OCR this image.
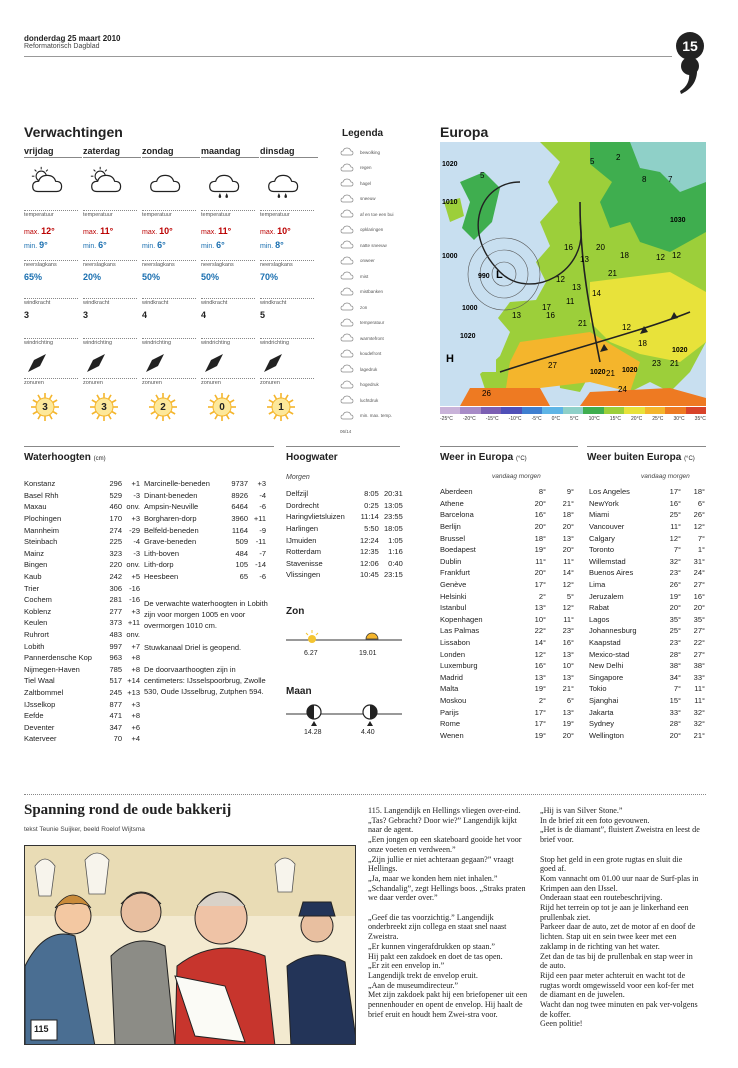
donderdag 25 maart 2010
Reformatorisch Dagblad	15
Verwachtingen
vrijdag
temperatuur
max. 12°
min. 9°
neerslagkans
65%
windkracht
3
windrichting
zonuren
3
zaterdag
temperatuur
max. 11°
min. 6°
neerslagkans
20%
windkracht
3
windrichting
zonuren
3
zondag
temperatuur
max. 10°
min. 6°
neerslagkans
50%
windkracht
4
windrichting
zonuren
2
maandag
temperatuur
max. 11°
min. 6°
neerslagkans
50%
windkracht
4
windrichting
zonuren
0
dinsdag
temperatuur
max. 10°
min. 8°
neerslagkans
70%
windkracht
5
windrichting
zonuren
1
Legenda
bewolking
regen
hagel
sneeuw
af en toe een bui
opklaringen
natte sneeuw
onweer
mist
mistbanken
zon
temperatuur
warmtefront
koudefront
lagedruk
hogedruk
luchtdruk
min. max. temp.
06/14
Europa
L
H
1020
1010
1000
990
1000
1020
1020
1020
1030
1020
5
2
5
8	7
20
21
13	12
16
18	12
12
13
14
11
16
21
13
17
12
18
27
26
21
23
21
24
-25°C -20°C -15°C -10°C -5°C 0°C 5°C 10°C 15°C 20°C 25°C 30°C 35°C
Waterhoogten (cm)
Konstanz	296	+1
Basel Rhh	529	-3
Maxau	460	onv.
Plochingen	170	+3
Mannheim	274	-29
Steinbach	225	-4
Mainz	323	-3
Bingen	220	onv.
Kaub	242	+5
Trier	306	-16
Cochem	281	-16
Koblenz	277	+3
Keulen	373	+11
Ruhrort	483	onv.
Lobith	997	+7
Pannerdensche Kop	963	+8
Nijmegen-Haven	785	+8
Tiel Waal	517	+14
Zaltbommel	245	+13
IJsselkop	877	+3
Eefde	471	+8
Deventer	347	+6
Katerveer	70	+4
Marcinelle-beneden	9737	+3
Dinant-beneden	8926	-4
Ampsin-Neuville	6464	-6
Borgharen-dorp	3960	+11
Belfeld-beneden	1164	-9
Grave-beneden	509	-11
Lith-boven	484	-7
Lith-dorp	105	-14
Heesbeen	65	-6

De verwachte waterhoogten in Lobith zijn voor morgen 1005 en voor overmorgen 1010 cm.

Stuwkanaal Driel is geopend.

De doorvaarthoogten zijn in centimeters: IJsselspoorbrug, Zwolle 530, Oude IJsselbrug, Zutphen 594.

Hoogwater
Morgen
Delfzijl	8:05	20:31
Dordrecht	0:25	13:05
Haringvlietsluizen	11:14	23:55
Harlingen	5:50	18:05
IJmuiden	12:24	1:05
Rotterdam	12:35	1:16
Stavenisse	12:06	0:40
Vlissingen	10:45	23:15
Zon
6.27	19.01
Maan
14.28	4.40
Weer in Europa (°C)
vandaag morgen
Aberdeen	8°	9°
Athene	20°	21°
Barcelona	16°	18°
Berlijn	20°	20°
Brussel	18°	13°
Boedapest	19°	20°
Dublin	11°	11°
Frankfurt	20°	14°
Genève	17°	12°
Helsinki	2°	5°
Istanbul	13°	12°
Kopenhagen	10°	11°
Las Palmas	22°	23°
Lissabon	14°	16°
Londen	12°	13°
Luxemburg	16°	10°
Madrid	13°	13°
Malta	19°	21°
Moskou	2°	6°
Parijs	17°	13°
Rome	17°	19°
Wenen	19°	20°
Weer buiten Europa (°C)
vandaag morgen
Los Angeles	17°	18°
NewYork	16°	6°
Miami	25°	26°
Vancouver	11°	12°
Calgary	12°	7°
Toronto	7°	1°
Willemstad	32°	31°
Buenos Aires	23°	24°
Lima	26°	27°
Jeruzalem	19°	16°
Rabat	20°	20°
Lagos	35°	35°
Johannesburg	25°	27°
Kaapstad	23°	22°
Mexico-stad	28°	27°
New Delhi	38°	38°
Singapore	34°	33°
Tokio	7°	11°
Sjanghai	15°	11°
Jakarta	33°	32°
Sydney	28°	32°
Wellington	20°	21°
Spanning rond de oude bakkerij
tekst Teunie Suijker, beeld Roelof Wijtsma
115

115. Langendijk en Hellings vliegen over-eind.
„Tas? Gebracht? Door wie?” Langendijk kijkt naar de agent.
„Een jongen op een skateboard gooide het voor onze voeten en verdween.”
„Zijn jullie er niet achteraan gegaan?” vraagt Hellings.
„Ja, maar we konden hem niet inhalen.”
„Schandalig”, zegt Hellings boos. „Straks praten we daar verder over.”

„Geef die tas voorzichtig.” Langendijk onderbreekt zijn collega en staat snel naast Zweistra.
„Er kunnen vingerafdrukken op staan.”
Hij pakt een zakdoek en doet de tas open.
„Er zit een envelop in.”
Langendijk trekt de envelop eruit.
„Aan de museumdirecteur.”
Met zijn zakdoek pakt hij een briefopener uit een pennenhouder en opent de envelop. Hij haalt de brief eruit en houdt hem Zwei-stra voor.

„Hij is van Silver Stone.”
In de brief zit een foto gevouwen.
„Het is de diamant”, fluistert Zweistra en leest de brief voor.

Stop het geld in een grote rugtas en sluit die goed af.
Kom vannacht om 01.00 uur naar de Surf-plas in Krimpen aan den IJssel.
Onderaan staat een routebeschrijving.
Rijd het terrein op tot je aan je linkerhand een prullenbak ziet.
Parkeer daar de auto, zet de motor af en doof de lichten. Stap uit en sein twee keer met een zaklamp in de richting van het water.
Zet dan de tas bij de prullenbak en stap weer in de auto.
Rijd een paar meter achteruit en wacht tot de rugtas wordt omgewisseld voor een kof-fer met de diamant en de juwelen.
Wacht dan nog twee minuten en pak ver-volgens de koffer.
Geen politie!
